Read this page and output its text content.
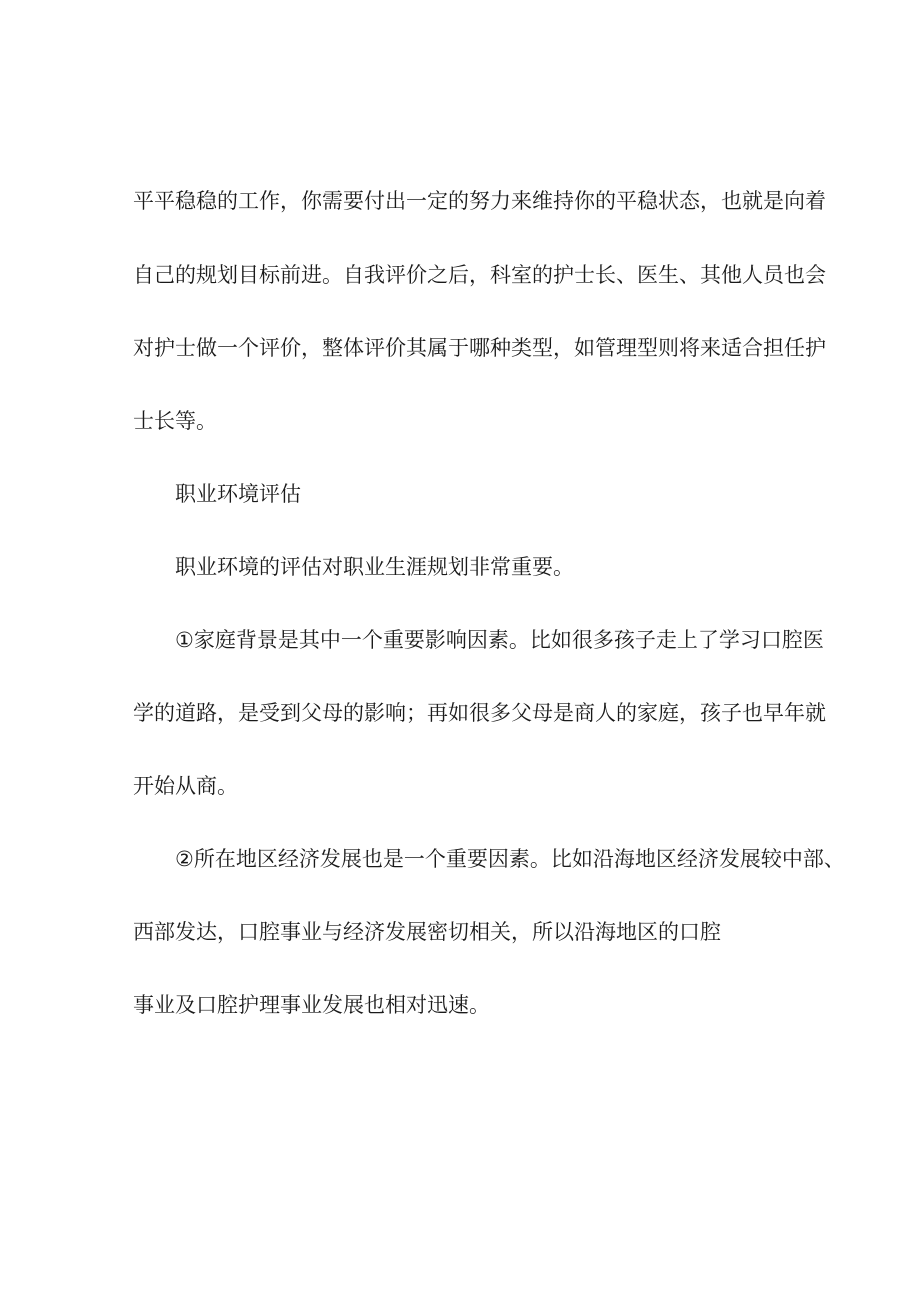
平平稳稳的工作，你需要付出一定的努力来维持你的平稳状态，也就是向着
自己的规划目标前进。自我评价之后，科室的护士长、医生、其他人员也会
对护士做一个评价，整体评价其属于哪种类型，如管理型则将来适合担任护
士长等。
职业环境评估
职业环境的评估对职业生涯规划非常重要。
①家庭背景是其中一个重要影响因素。比如很多孩子走上了学习口腔医
学的道路，是受到父母的影响；再如很多父母是商人的家庭，孩子也早年就
开始从商。
②所在地区经济发展也是一个重要因素。比如沿海地区经济发展较中部、
西部发达，口腔事业与经济发展密切相关，所以沿海地区的口腔
事业及口腔护理事业发展也相对迅速。
